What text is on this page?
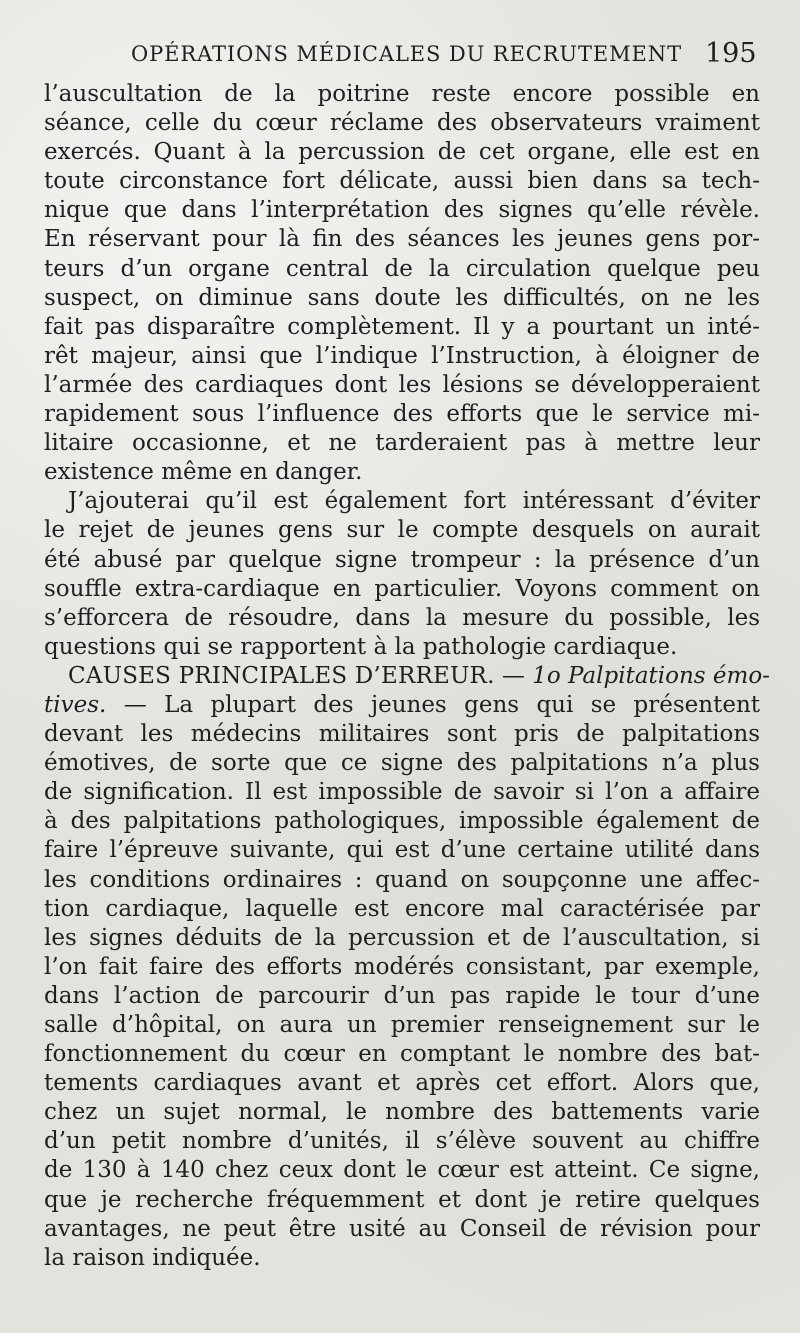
OPÉRATIONS MÉDICALES DU RECRUTEMENT 195
l’auscultation de la poitrine reste encore possible en
séance, celle du cœur réclame des observateurs vraiment
exercés. Quant à la percussion de cet organe, elle est en
toute circonstance fort délicate, aussi bien dans sa tech-
nique que dans l’interprétation des signes qu’elle révèle.
En réservant pour là fin des séances les jeunes gens por-
teurs d’un organe central de la circulation quelque peu
suspect, on diminue sans doute les difficultés, on ne les
fait pas disparaître complètement. Il y a pourtant un inté-
rêt majeur, ainsi que l’indique l’Instruction, à éloigner de
l’armée des cardiaques dont les lésions se développeraient
rapidement sous l’influence des efforts que le service mi-
litaire occasionne, et ne tarderaient pas à mettre leur
existence même en danger.
J’ajouterai qu’il est également fort intéressant d’éviter
le rejet de jeunes gens sur le compte desquels on aurait
été abusé par quelque signe trompeur : la présence d’un
souffle extra-cardiaque en particulier. Voyons comment on
s’efforcera de résoudre, dans la mesure du possible, les
questions qui se rapportent à la pathologie cardiaque.
CAUSES PRINCIPALES D’ERREUR. — 1o Palpitations émo-
tives. — La plupart des jeunes gens qui se présentent
devant les médecins militaires sont pris de palpitations
émotives, de sorte que ce signe des palpitations n’a plus
de signification. Il est impossible de savoir si l’on a affaire
à des palpitations pathologiques, impossible également de
faire l’épreuve suivante, qui est d’une certaine utilité dans
les conditions ordinaires : quand on soupçonne une affec-
tion cardiaque, laquelle est encore mal caractérisée par
les signes déduits de la percussion et de l’auscultation, si
l’on fait faire des efforts modérés consistant, par exemple,
dans l’action de parcourir d’un pas rapide le tour d’une
salle d’hôpital, on aura un premier renseignement sur le
fonctionnement du cœur en comptant le nombre des bat-
tements cardiaques avant et après cet effort. Alors que,
chez un sujet normal, le nombre des battements varie
d’un petit nombre d’unités, il s’élève souvent au chiffre
de 130 à 140 chez ceux dont le cœur est atteint. Ce signe,
que je recherche fréquemment et dont je retire quelques
avantages, ne peut être usité au Conseil de révision pour
la raison indiquée.
